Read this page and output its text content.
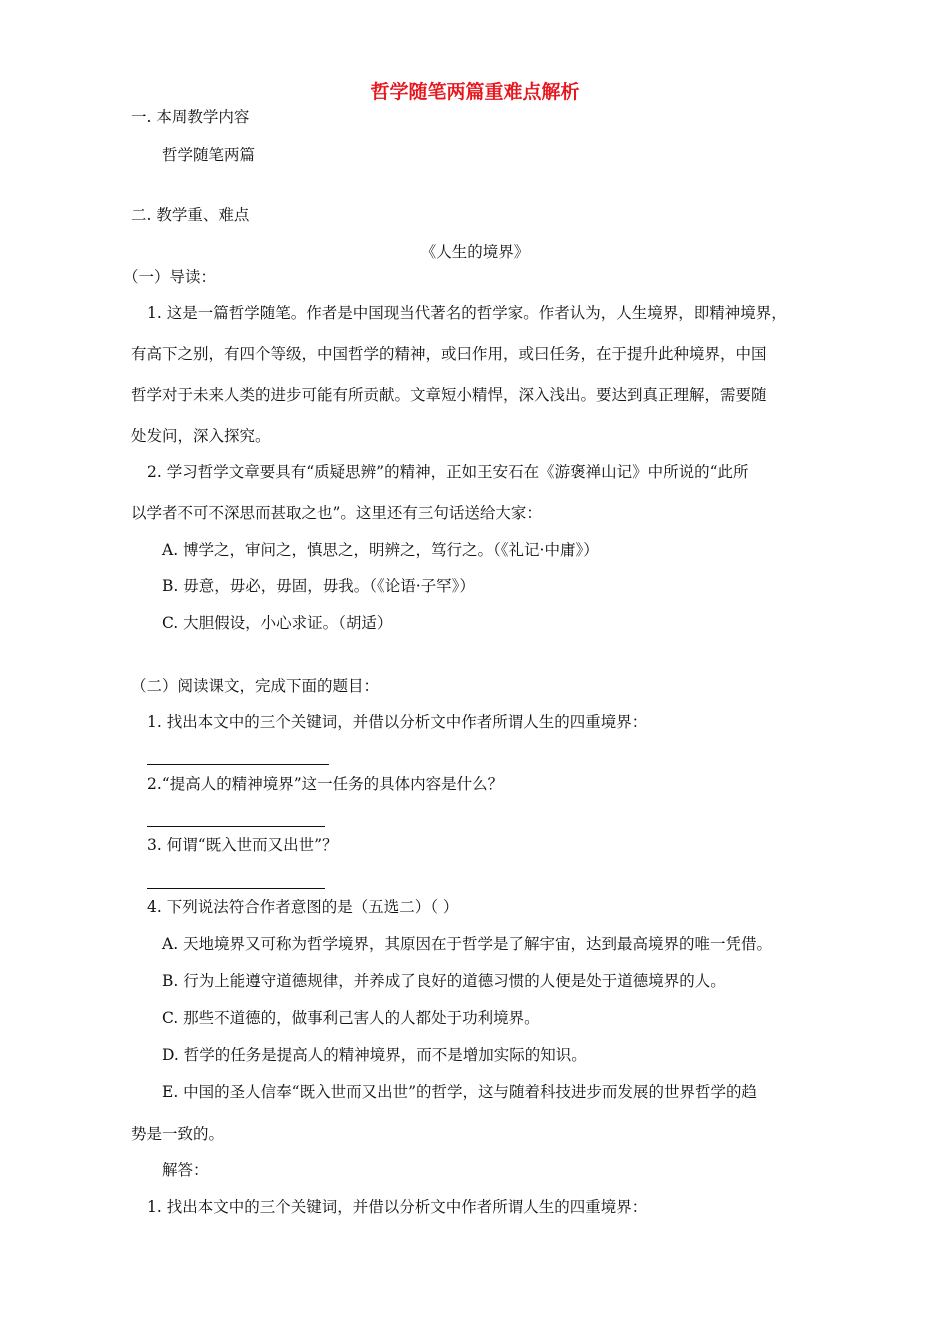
哲学随笔两篇重难点解析
一. 本周教学内容
哲学随笔两篇
二. 教学重、难点
《人生的境界》
（一）导读：
1. 这是一篇哲学随笔。作者是中国现当代著名的哲学家。作者认为，人生境界，即精神境界，
有高下之别，有四个等级，中国哲学的精神，或曰作用，或曰任务，在于提升此种境界，中国
哲学对于未来人类的进步可能有所贡献。文章短小精悍，深入浅出。要达到真正理解，需要随
处发问，深入探究。
2. 学习哲学文章要具有“质疑思辨”的精神，正如王安石在《游褒禅山记》中所说的“此所
以学者不可不深思而甚取之也”。这里还有三句话送给大家：
A. 博学之，审问之，慎思之，明辨之，笃行之。（《礼记·中庸》）
B. 毋意，毋必，毋固，毋我。（《论语·子罕》）
C. 大胆假设，小心求证。（胡适）
（二）阅读课文，完成下面的题目：
1. 找出本文中的三个关键词，并借以分析文中作者所谓人生的四重境界：
2.“提高人的精神境界”这一任务的具体内容是什么？
3. 何谓“既入世而又出世”？
4. 下列说法符合作者意图的是（五选二）（ ）
A. 天地境界又可称为哲学境界，其原因在于哲学是了解宇宙，达到最高境界的唯一凭借。
B. 行为上能遵守道德规律，并养成了良好的道德习惯的人便是处于道德境界的人。
C. 那些不道德的，做事利己害人的人都处于功利境界。
D. 哲学的任务是提高人的精神境界，而不是增加实际的知识。
E. 中国的圣人信奉“既入世而又出世”的哲学，这与随着科技进步而发展的世界哲学的趋
势是一致的。
解答：
1. 找出本文中的三个关键词，并借以分析文中作者所谓人生的四重境界：
